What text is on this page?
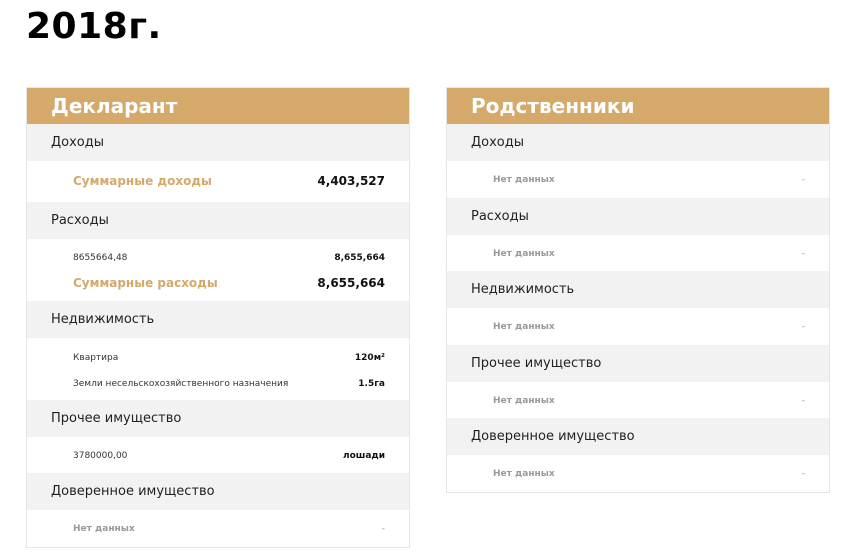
2018г.
Декларант
Доходы
Суммарные доходы	4,403,527
Расходы
8655664,48	8,655,664
Суммарные расходы	8,655,664
Недвижимость
Квартира	120м²
Земли несельскохозяйственного назначения	1.5га
Прочее имущество
3780000,00	лошади
Доверенное имущество
Нет данных	-
Родственники
Доходы
Нет данных	-
Расходы
Нет данных	-
Недвижимость
Нет данных	-
Прочее имущество
Нет данных	-
Доверенное имущество
Нет данных	-
